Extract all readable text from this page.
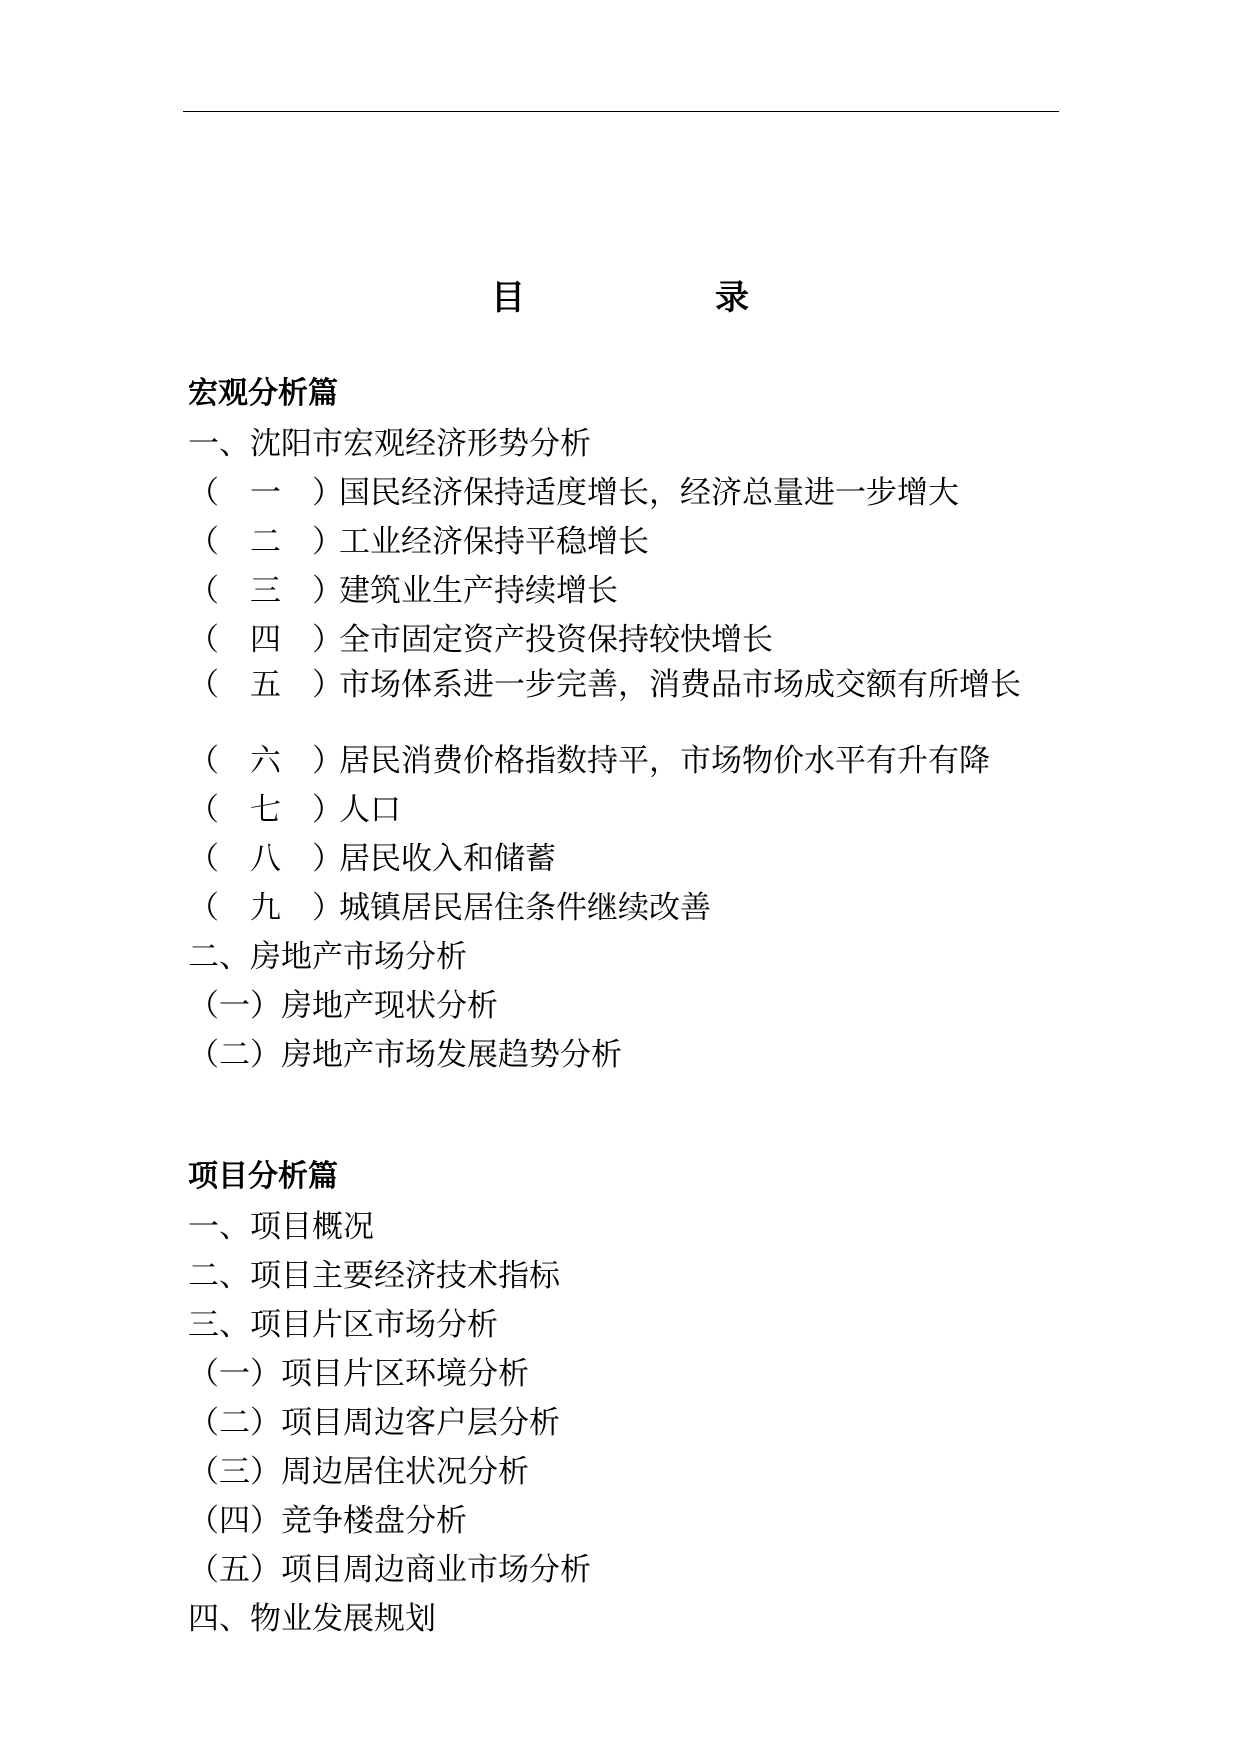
目　录
宏观分析篇
一、沈阳市宏观经济形势分析
（　一　）
国民经济保持适度增长，经济总量进一步增大
（　二　）
工业经济保持平稳增长
（　三　）
建筑业生产持续增长
（　四　）
全市固定资产投资保持较快增长
（　五　）
市场体系进一步完善，消费品市场成交额有所增长
（　六　）
居民消费价格指数持平，市场物价水平有升有降
（　七　）
人口
（　八　）
居民收入和储蓄
（　九　）
城镇居民居住条件继续改善
二、房地产市场分析
（一）房地产现状分析
（二）房地产市场发展趋势分析
项目分析篇
一、项目概况
二、项目主要经济技术指标
三、项目片区市场分析
（一）项目片区环境分析
（二）项目周边客户层分析
（三）周边居住状况分析
（四）竞争楼盘分析
（五）项目周边商业市场分析
四、物业发展规划
